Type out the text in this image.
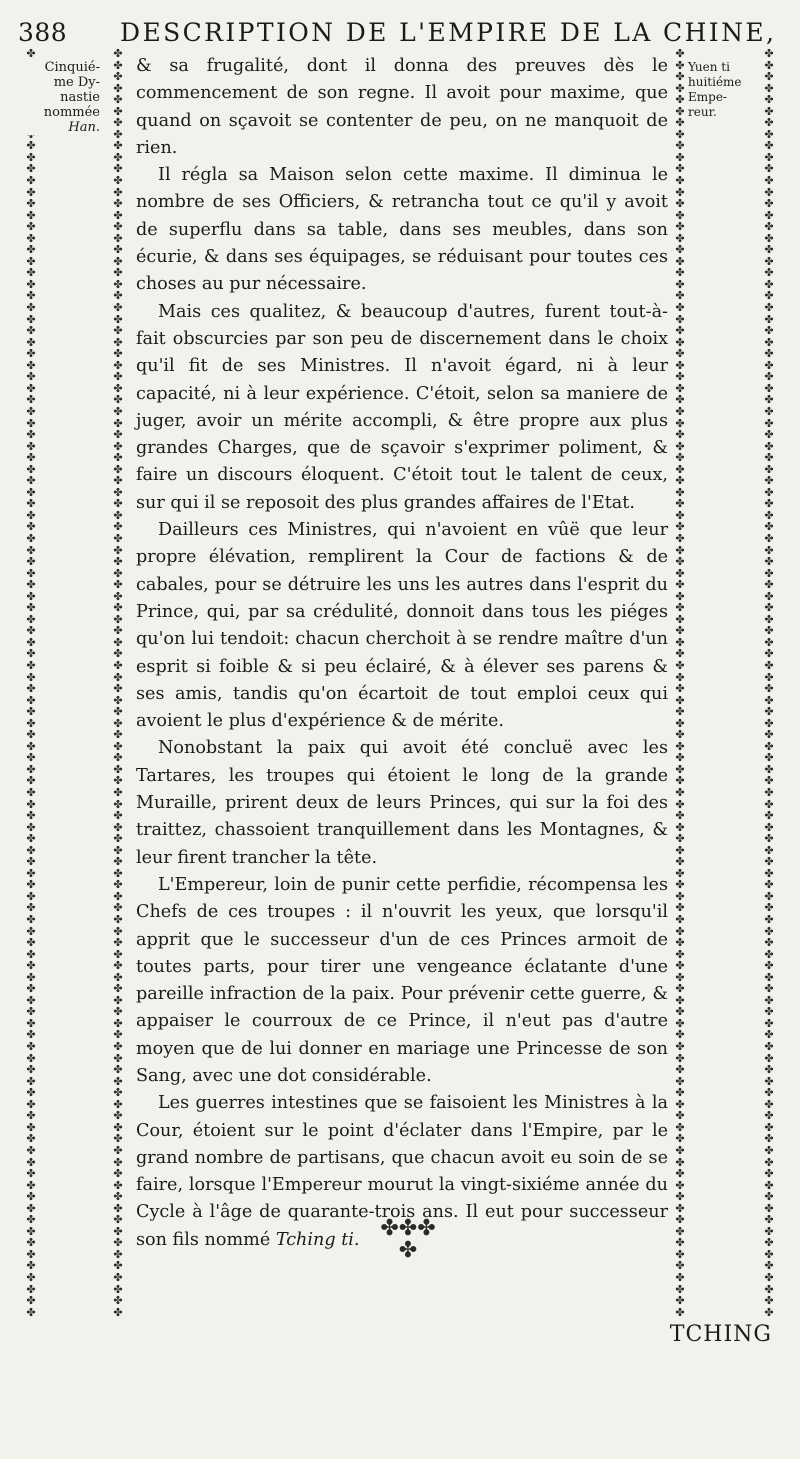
388 DESCRIPTION DE L'EMPIRE DE LA CHINE,
✤ ✤✤✤✤✤✤✤✤✤✤✤✤✤✤✤✤✤✤✤✤✤✤✤✤✤✤✤✤✤✤✤✤✤✤✤✤✤✤✤✤✤✤✤✤✤✤✤✤✤✤✤✤✤✤✤✤✤✤✤✤✤✤✤✤✤✤✤✤✤✤✤✤✤✤✤✤✤✤✤✤✤✤✤✤✤✤✤✤✤✤✤✤✤✤✤✤✤✤✤✤✤✤
✤✤✤✤✤✤✤✤✤✤✤✤✤✤✤✤✤✤✤✤✤✤✤✤✤✤✤✤✤✤✤✤✤✤✤✤✤✤✤✤✤✤✤✤✤✤✤✤✤✤✤✤✤✤✤✤✤✤✤✤✤✤✤✤✤✤✤✤✤✤✤✤✤✤✤✤✤✤✤✤✤✤✤✤✤✤✤✤✤✤✤✤✤✤✤✤✤✤✤✤✤✤✤✤✤✤✤✤✤✤
✤✤✤✤✤✤✤✤✤✤✤✤✤✤✤✤✤✤✤✤✤✤✤✤✤✤✤✤✤✤✤✤✤✤✤✤✤✤✤✤✤✤✤✤✤✤✤✤✤✤✤✤✤✤✤✤✤✤✤✤✤✤✤✤✤✤✤✤✤✤✤✤✤✤✤✤✤✤✤✤✤✤✤✤✤✤✤✤✤✤✤✤✤✤✤✤✤✤✤✤✤✤✤✤✤✤✤✤✤✤
✤✤✤✤✤✤✤✤✤✤✤✤✤✤✤✤✤✤✤✤✤✤✤✤✤✤✤✤✤✤✤✤✤✤✤✤✤✤✤✤✤✤✤✤✤✤✤✤✤✤✤✤✤✤✤✤✤✤✤✤✤✤✤✤✤✤✤✤✤✤✤✤✤✤✤✤✤✤✤✤✤✤✤✤✤✤✤✤✤✤✤✤✤✤✤✤✤✤✤✤✤✤✤✤✤✤✤✤✤✤
Cinquié-
me Dy-
nastie
nommée
Han.
Yuen ti
huitiéme
Empe-
reur.

& sa frugalité, dont il donna des preuves dès le commencement de son regne. Il avoit pour maxime, que quand on sçavoit se contenter de peu, on ne manquoit de rien.

Il régla sa Maison selon cette maxime. Il diminua le nombre de ses Officiers, & retrancha tout ce qu'il y avoit de superflu dans sa table, dans ses meubles, dans son écurie, & dans ses équipages, se réduisant pour toutes ces choses au pur nécessaire.

Mais ces qualitez, & beaucoup d'autres, furent tout-à-fait obscurcies par son peu de discernement dans le choix qu'il fit de ses Ministres. Il n'avoit égard, ni à leur capacité, ni à leur expérience. C'étoit, selon sa maniere de juger, avoir un mérite accompli, & être propre aux plus grandes Charges, que de sçavoir s'exprimer poliment, & faire un discours éloquent. C'étoit tout le talent de ceux, sur qui il se reposoit des plus grandes affaires de l'Etat.

Dailleurs ces Ministres, qui n'avoient en vûë que leur propre élévation, remplirent la Cour de factions & de cabales, pour se détruire les uns les autres dans l'esprit du Prince, qui, par sa crédulité, donnoit dans tous les piéges qu'on lui tendoit: chacun cherchoit à se rendre maître d'un esprit si foible & si peu éclairé, & à élever ses parens & ses amis, tandis qu'on écartoit de tout emploi ceux qui avoient le plus d'expérience & de mérite.

Nonobstant la paix qui avoit été concluë avec les Tartares, les troupes qui étoient le long de la grande Muraille, prirent deux de leurs Princes, qui sur la foi des traittez, chassoient tranquillement dans les Montagnes, & leur firent trancher la tête.

L'Empereur, loin de punir cette perfidie, récompensa les Chefs de ces troupes : il n'ouvrit les yeux, que lorsqu'il apprit que le successeur d'un de ces Princes armoit de toutes parts, pour tirer une vengeance éclatante d'une pareille infraction de la paix. Pour prévenir cette guerre, & appaiser le courroux de ce Prince, il n'eut pas d'autre moyen que de lui donner en mariage une Princesse de son Sang, avec une dot considérable.

Les guerres intestines que se faisoient les Ministres à la Cour, étoient sur le point d'éclater dans l'Empire, par le grand nombre de partisans, que chacun avoit eu soin de se faire, lorsque l'Empereur mourut la vingt-sixiéme année du Cycle à l'âge de quarante-trois ans. Il eut pour successeur son fils nommé Tching ti. ✤✤✤
✤
TCHING
